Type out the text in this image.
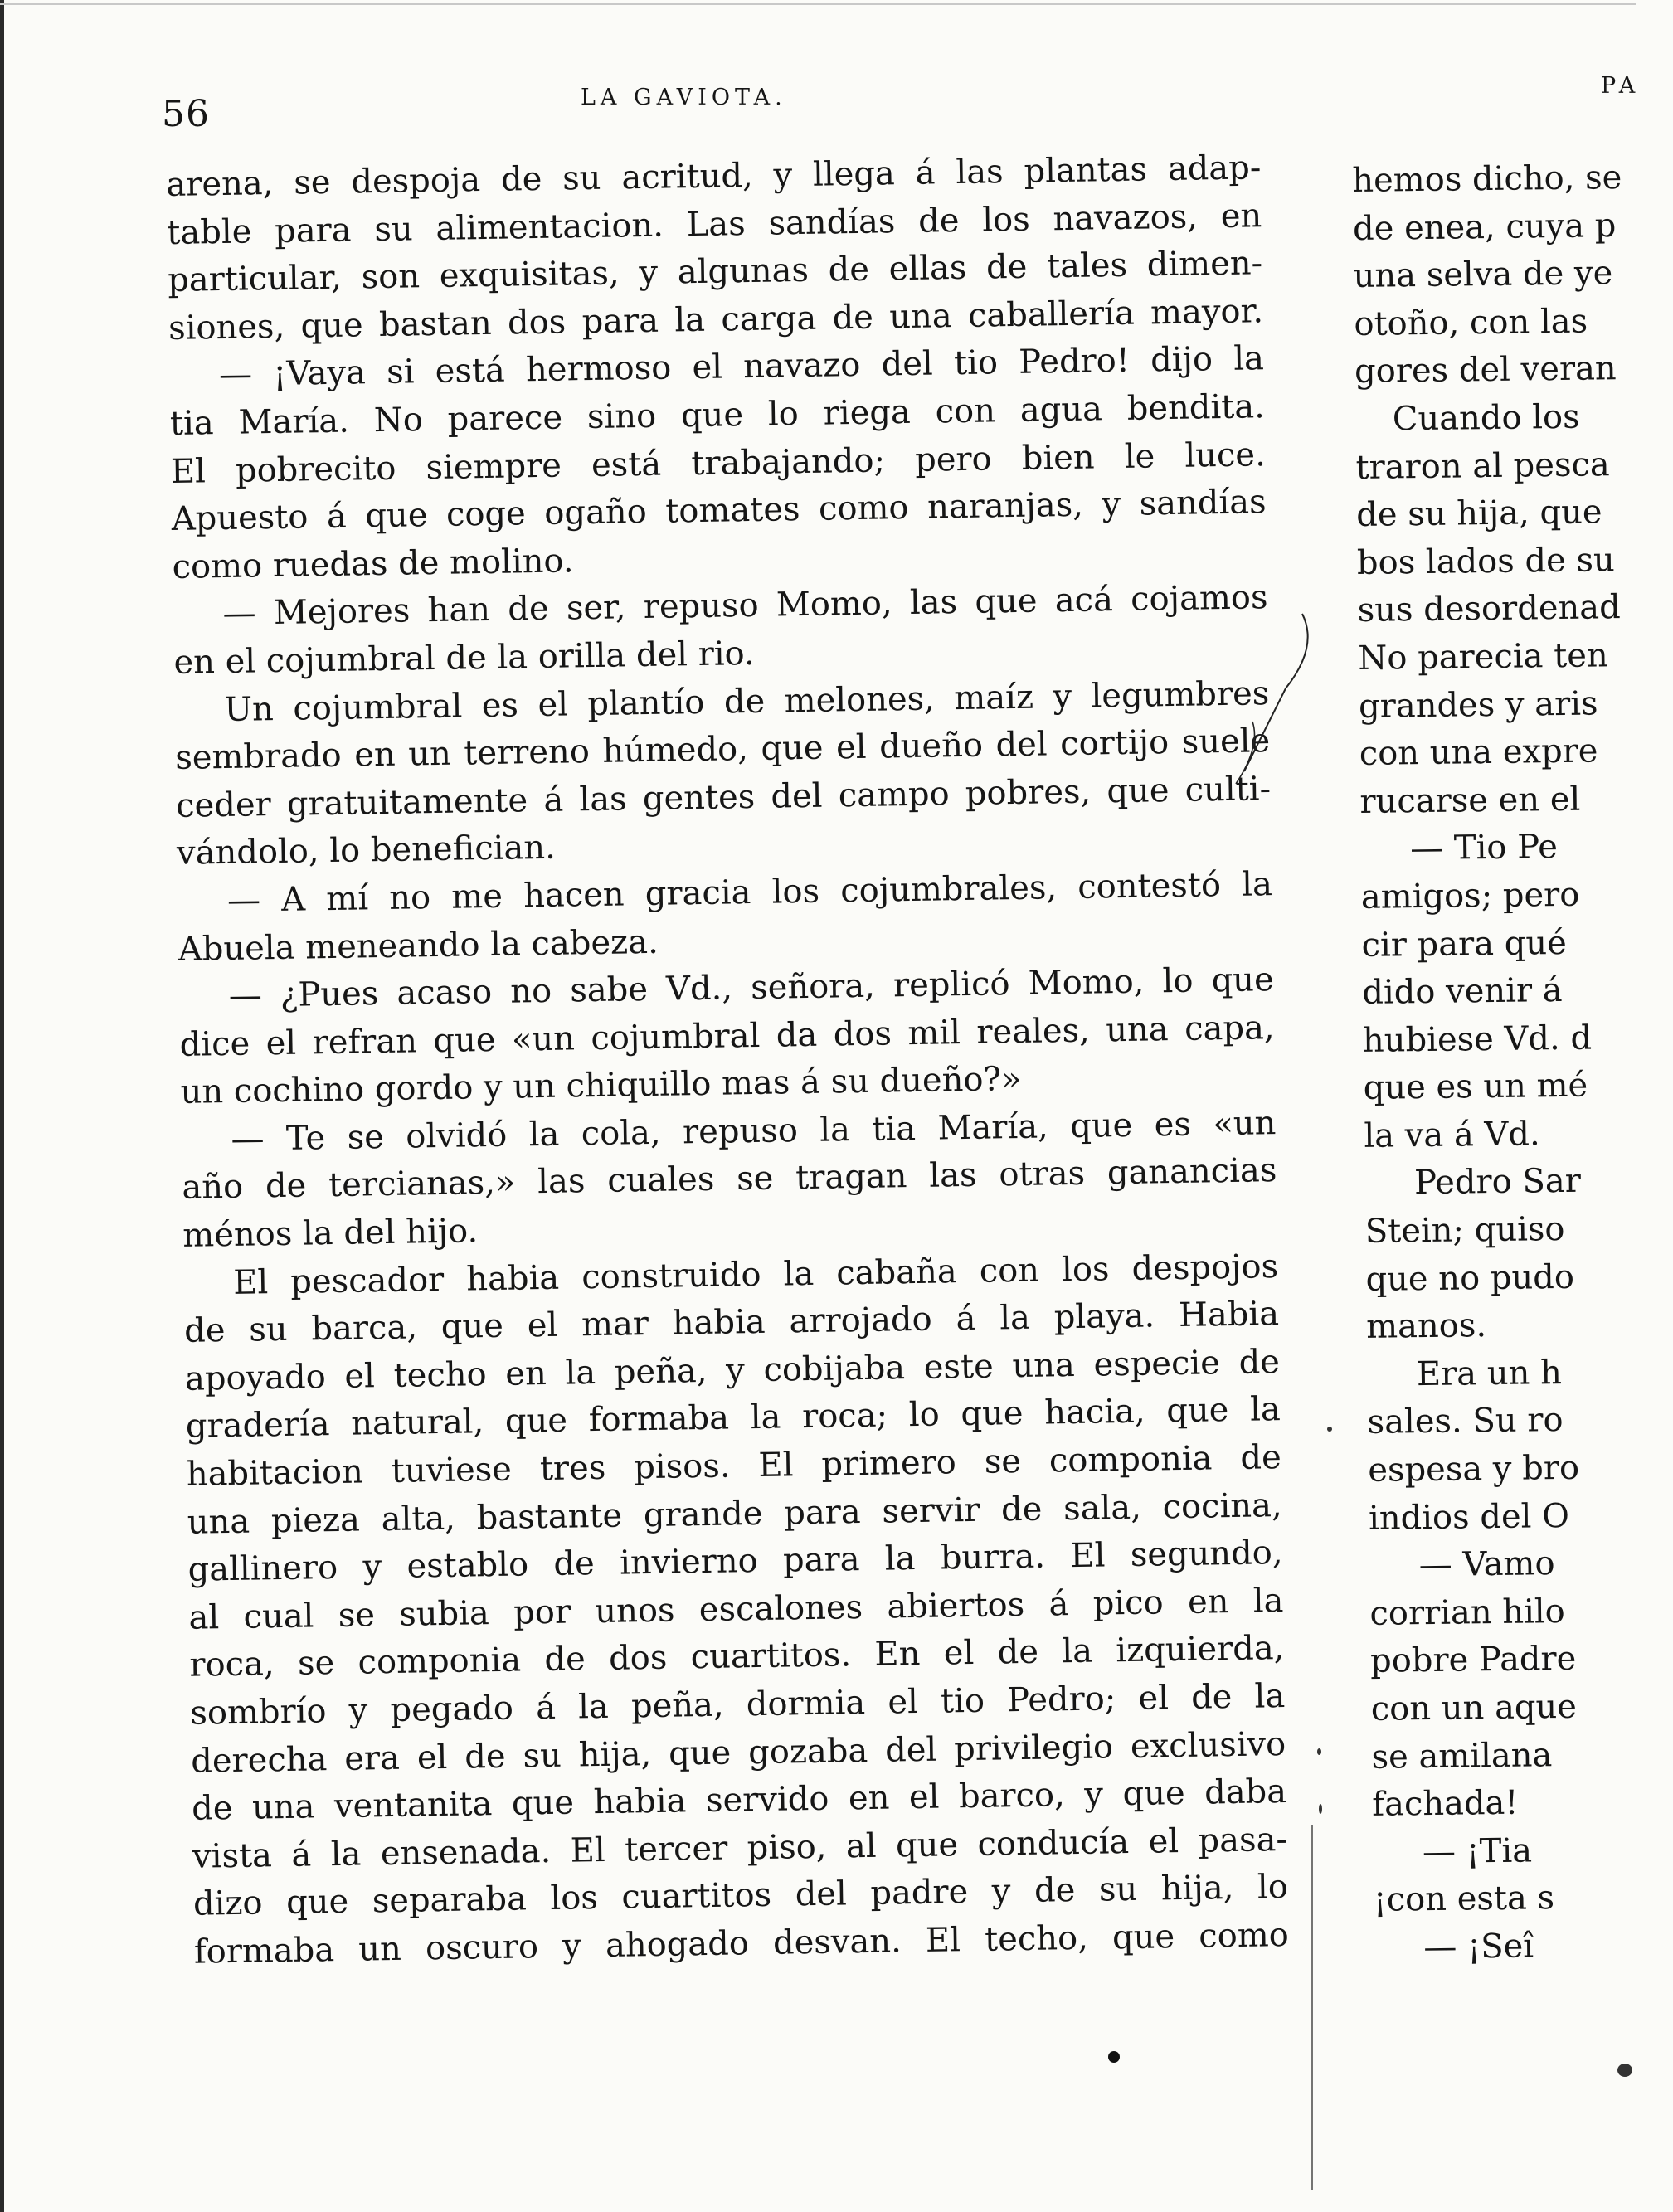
56	LA GAVIOTA.	PA
arena, se despoja de su acritud, y llega á las plantas adap-
table para su alimentacion. Las sandías de los navazos, en
particular, son exquisitas, y algunas de ellas de tales dimen-
siones, que bastan dos para la carga de una caballería mayor.
— ¡Vaya si está hermoso el navazo del tio Pedro! dijo la
tia María. No parece sino que lo riega con agua bendita.
El pobrecito siempre está trabajando; pero bien le luce.
Apuesto á que coge ogaño tomates como naranjas, y sandías
como ruedas de molino.
— Mejores han de ser, repuso Momo, las que acá cojamos
en el cojumbral de la orilla del rio.
Un cojumbral es el plantío de melones, maíz y legumbres
sembrado en un terreno húmedo, que el dueño del cortijo suele
ceder gratuitamente á las gentes del campo pobres, que culti-
vándolo, lo benefician.
— A mí no me hacen gracia los cojumbrales, contestó la
Abuela meneando la cabeza.
— ¿Pues acaso no sabe Vd., señora, replicó Momo, lo que
dice el refran que «un cojumbral da dos mil reales, una capa,
un cochino gordo y un chiquillo mas á su dueño?»
— Te se olvidó la cola, repuso la tia María, que es «un
año de tercianas,» las cuales se tragan las otras ganancias
ménos la del hijo.
El pescador habia construido la cabaña con los despojos
de su barca, que el mar habia arrojado á la playa. Habia
apoyado el techo en la peña, y cobijaba este una especie de
gradería natural, que formaba la roca; lo que hacia, que la
habitacion tuviese tres pisos. El primero se componia de
una pieza alta, bastante grande para servir de sala, cocina,
gallinero y establo de invierno para la burra. El segundo,
al cual se subia por unos escalones abiertos á pico en la
roca, se componia de dos cuartitos. En el de la izquierda,
sombrío y pegado á la peña, dormia el tio Pedro; el de la
derecha era el de su hija, que gozaba del privilegio exclusivo
de una ventanita que habia servido en el barco, y que daba
vista á la ensenada. El tercer piso, al que conducía el pasa-
dizo que separaba los cuartitos del padre y de su hija, lo
formaba un oscuro y ahogado desvan. El techo, que como
hemos dicho, se
de enea, cuya p
una selva de ye
otoño, con las
gores del veran
Cuando los
traron al pesca
de su hija, que
bos lados de su
sus desordenad
No parecia ten
grandes y aris
con una expre
rucarse en el
— Tio Pe
amigos; pero
cir para qué
dido venir á
hubiese Vd. d
que es un mé
la va á Vd.
Pedro Sar
Stein; quiso
que no pudo
manos.
Era un h
sales. Su ro
espesa y bro
indios del O
— Vamo
corrian hilo
pobre Padre
con un aque
se amilana
fachada!
— ¡Tia
¡con esta s
— ¡Seî
